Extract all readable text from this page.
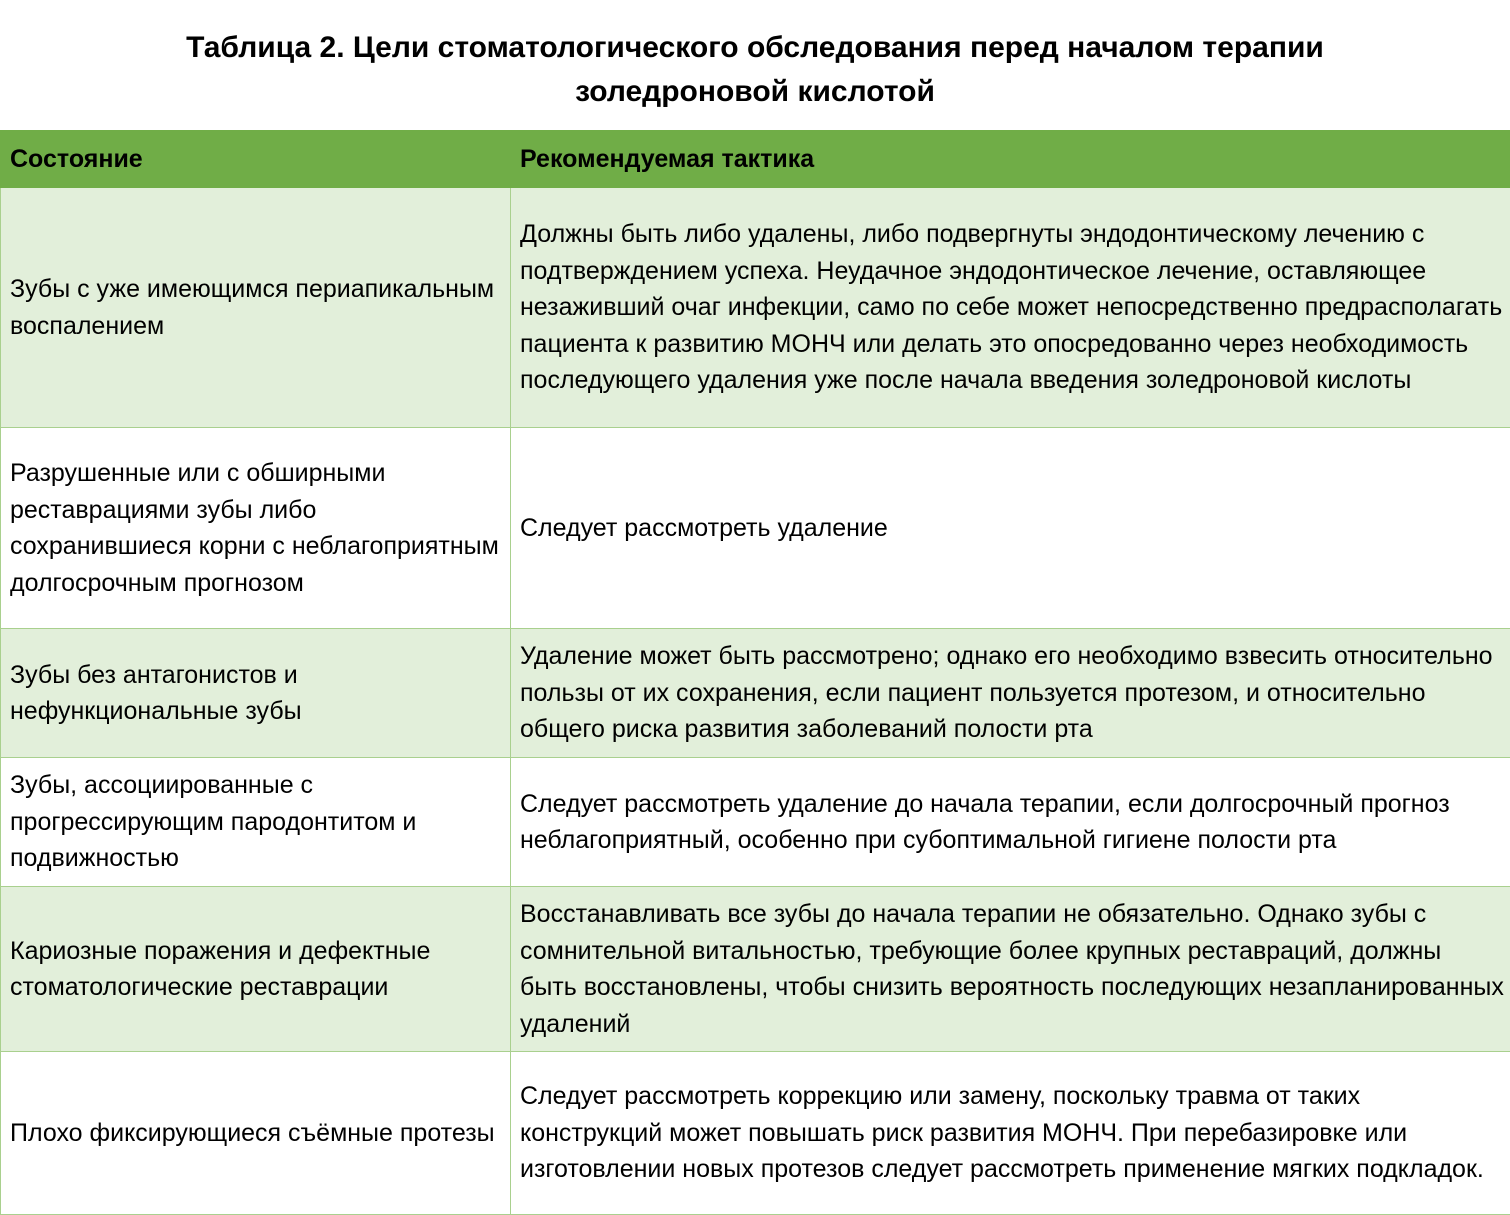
Таблица 2. Цели стоматологического обследования перед началом терапии
золедроновой кислотой
Состояние	Рекомендуемая тактика
Зубы с уже имеющимся периапикальным воспалением	Должны быть либо удалены, либо подвергнуты эндодонтическому лечению с подтверждением успеха. Неудачное эндодонтическое лечение, оставляющее незаживший очаг инфекции, само по себе может непосредственно предрасполагать пациента к развитию МОНЧ или делать это опосредованно через необходимость последующего удаления уже после начала введения золедроновой кислоты
Разрушенные или с обширными реставрациями зубы либо сохранившиеся корни с неблагоприятным долгосрочным прогнозом	Следует рассмотреть удаление
Зубы без антагонистов и нефункциональные зубы	Удаление может быть рассмотрено; однако его необходимо взвесить относительно пользы от их сохранения, если пациент пользуется протезом, и относительно общего риска развития заболеваний полости рта
Зубы, ассоциированные с прогрессирующим пародонтитом и подвижностью	Следует рассмотреть удаление до начала терапии, если долгосрочный прогноз неблагоприятный, особенно при субоптимальной гигиене полости рта
Кариозные поражения и дефектные стоматологические реставрации	Восстанавливать все зубы до начала терапии не обязательно. Однако зубы с сомнительной витальностью, требующие более крупных реставраций, должны быть восстановлены, чтобы снизить вероятность последующих незапланированных удалений
Плохо фиксирующиеся съёмные протезы	Следует рассмотреть коррекцию или замену, поскольку травма от таких конструкций может повышать риск развития МОНЧ. При перебазировке или изготовлении новых протезов следует рассмотреть применение мягких подкладок.
